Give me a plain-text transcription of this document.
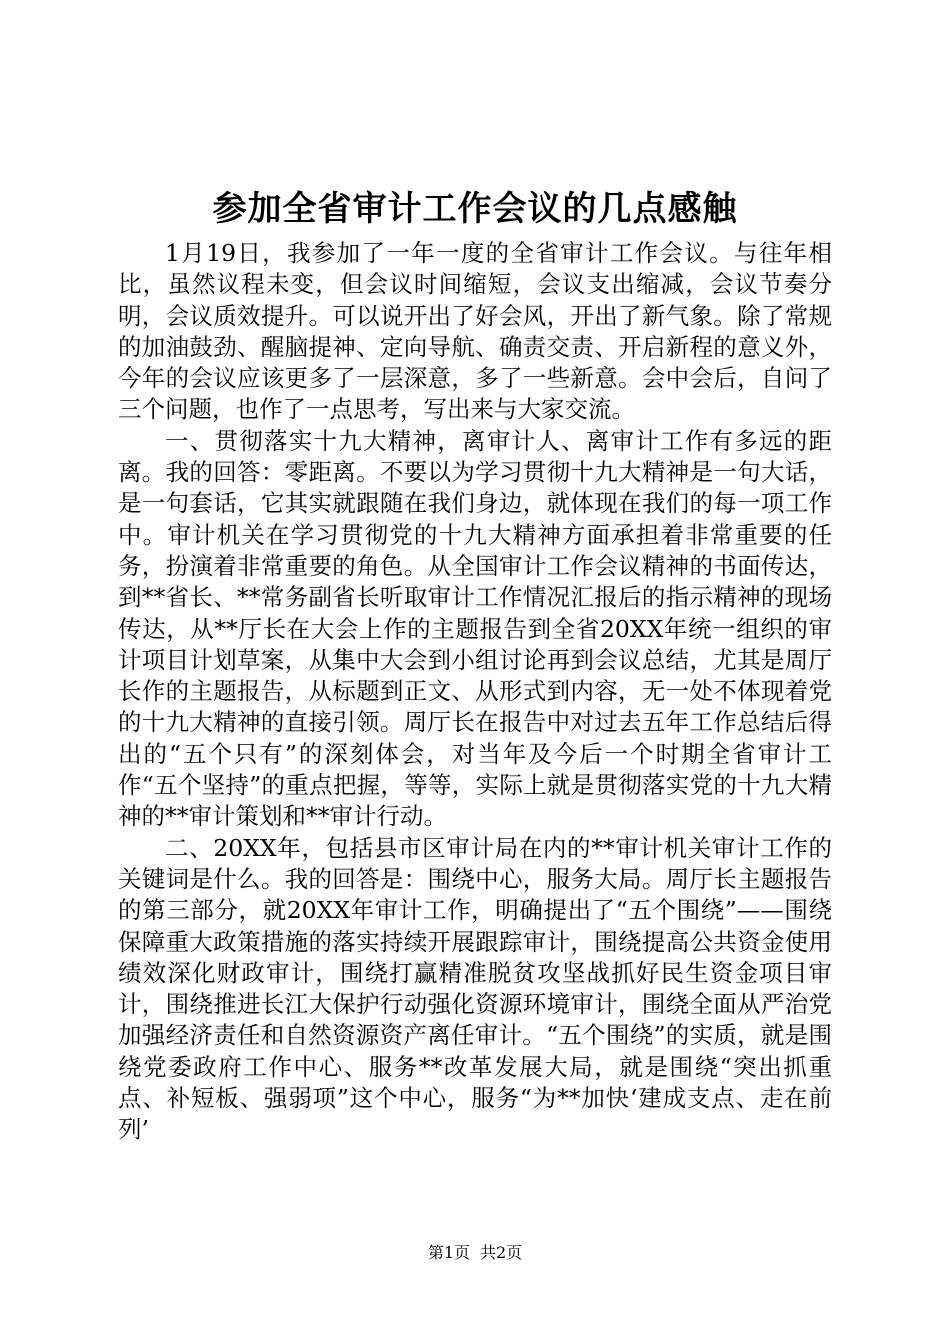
参加全省审计工作会议的几点感触

1月19日，我参加了一年一度的全省审计工作会议。与往年相比，虽然议程未变，但会议时间缩短，会议支出缩减，会议节奏分明，会议质效提升。可以说开出了好会风，开出了新气象。除了常规的加油鼓劲、醒脑提神、定向导航、确责交责、开启新程的意义外，今年的会议应该更多了一层深意，多了一些新意。会中会后，自问了三个问题，也作了一点思考，写出来与大家交流。

一、贯彻落实十九大精神，离审计人、离审计工作有多远的距离。我的回答：零距离。不要以为学习贯彻十九大精神是一句大话，是一句套话，它其实就跟随在我们身边，就体现在我们的每一项工作中。审计机关在学习贯彻党的十九大精神方面承担着非常重要的任务，扮演着非常重要的角色。从全国审计工作会议精神的书面传达，到**省长、**常务副省长听取审计工作情况汇报后的指示精神的现场传达，从**厅长在大会上作的主题报告到全省20XX年统一组织的审计项目计划草案，从集中大会到小组讨论再到会议总结，尤其是周厅长作的主题报告，从标题到正文、从形式到内容，无一处不体现着党的十九大精神的直接引领。周厅长在报告中对过去五年工作总结后得出的“五个只有”的深刻体会，对当年及今后一个时期全省审计工作“五个坚持”的重点把握，等等，实际上就是贯彻落实党的十九大精神的**审计策划和**审计行动。

二、20XX年，包括县市区审计局在内的**审计机关审计工作的关键词是什么。我的回答是：围绕中心，服务大局。周厅长主题报告的第三部分，就20XX年审计工作，明确提出了“五个围绕”——围绕保障重大政策措施的落实持续开展跟踪审计，围绕提高公共资金使用绩效深化财政审计，围绕打赢精准脱贫攻坚战抓好民生资金项目审计，围绕推进长江大保护行动强化资源环境审计，围绕全面从严治党加强经济责任和自然资源资产离任审计。“五个围绕”的实质，就是围绕党委政府工作中心、服务**改革发展大局，就是围绕“突出抓重点、补短板、强弱项”这个中心，服务“为**加快‘建成支点、走在前列’

第1页 共2页
